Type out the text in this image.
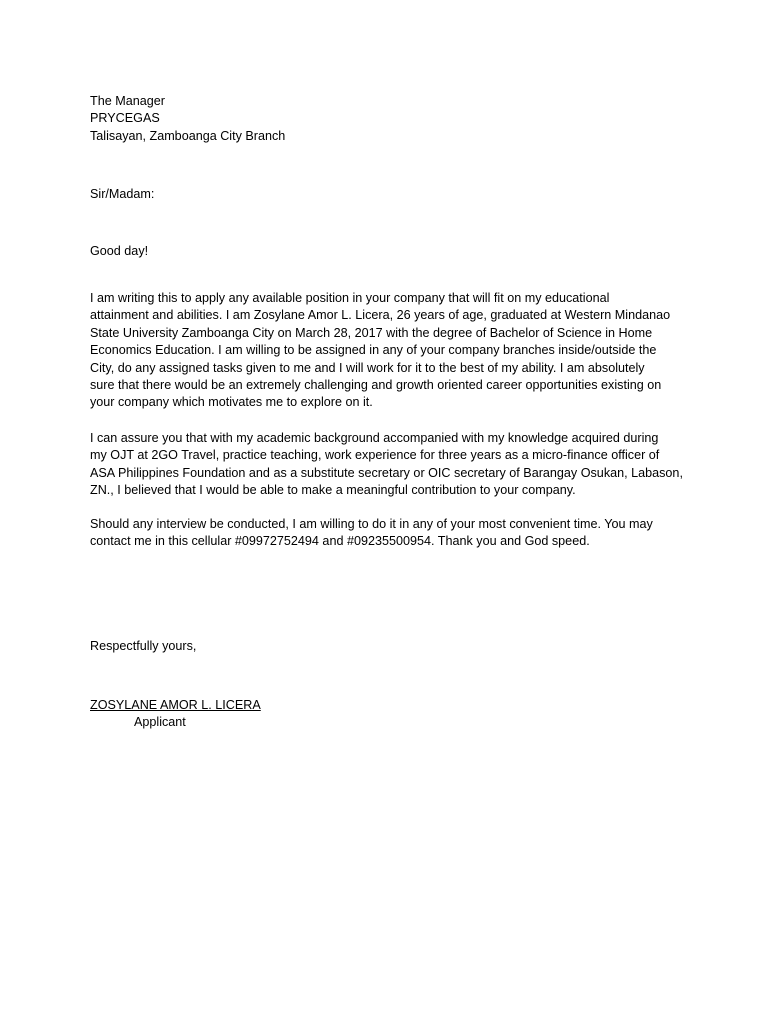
The Manager
PRYCEGAS
Talisayan, Zamboanga City Branch
Sir/Madam:
Good day!
I am writing this to apply any available position in your company that will fit on my educational
attainment and abilities. I am Zosylane Amor L. Licera, 26 years of age, graduated at Western Mindanao
State University Zamboanga City on March 28, 2017 with the degree of Bachelor of Science in Home
Economics Education. I am willing to be assigned in any of your company branches inside/outside the
City, do any assigned tasks given to me and I will work for it to the best of my ability. I am absolutely
sure that there would be an extremely challenging and growth oriented career opportunities existing on
your company which motivates me to explore on it.
I can assure you that with my academic background accompanied with my knowledge acquired during
my OJT at 2GO Travel, practice teaching, work experience for three years as a micro-finance officer of
ASA Philippines Foundation and as a substitute secretary or OIC secretary of Barangay Osukan, Labason,
ZN., I believed that I would be able to make a meaningful contribution to your company.
Should any interview be conducted, I am willing to do it in any of your most convenient time. You may
contact me in this cellular #09972752494 and #09235500954. Thank you and God speed.
Respectfully yours,
ZOSYLANE AMOR L. LICERA
Applicant
